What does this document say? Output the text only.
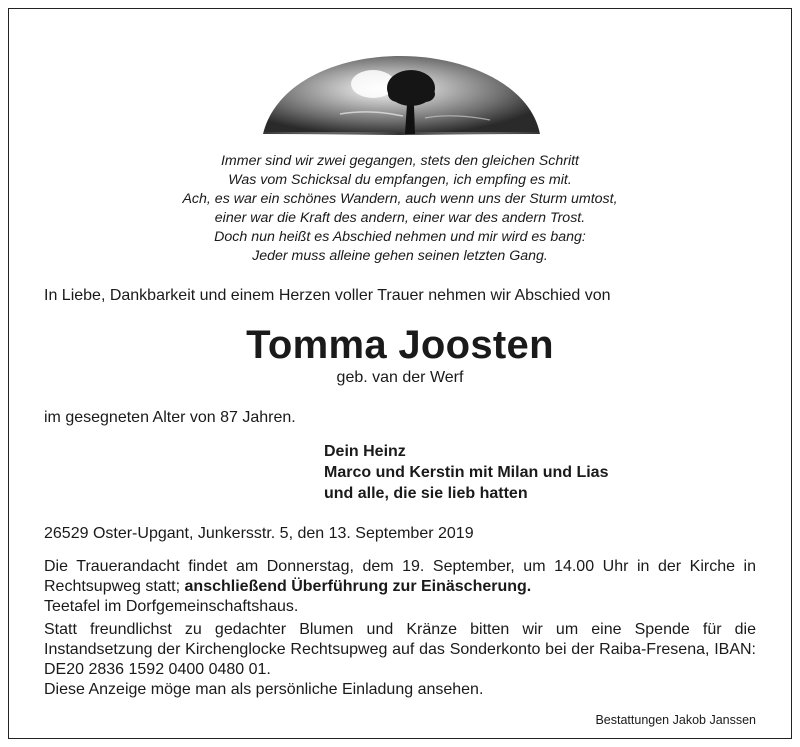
Immer sind wir zwei gegangen, stets den gleichen Schritt
Was vom Schicksal du empfangen, ich empfing es mit.
Ach, es war ein schönes Wandern, auch wenn uns der Sturm umtost,
einer war die Kraft des andern, einer war des andern Trost.
Doch nun heißt es Abschied nehmen und mir wird es bang:
Jeder muss alleine gehen seinen letzten Gang.
In Liebe, Dankbarkeit und einem Herzen voller Trauer nehmen wir Abschied von
Tomma Joosten
geb. van der Werf
im gesegneten Alter von 87 Jahren.
Dein Heinz
Marco und Kerstin mit Milan und Lias
und alle, die sie lieb hatten
26529 Oster-Upgant, Junkersstr. 5, den 13. September 2019
Die Trauerandacht findet am Donnerstag, dem 19. September, um 14.00 Uhr in der Kirche in Rechtsupweg statt; anschließend Überführung zur Einäscherung.
Teetafel im Dorfgemeinschaftshaus.
Statt freundlichst zu gedachter Blumen und Kränze bitten wir um eine Spende für die Instandsetzung der Kirchenglocke Rechtsupweg auf das Sonderkonto bei der Raiba-Fresena, IBAN: DE20 2836 1592 0400 0480 01.
Diese Anzeige möge man als persönliche Einladung ansehen.
Bestattungen Jakob Janssen
